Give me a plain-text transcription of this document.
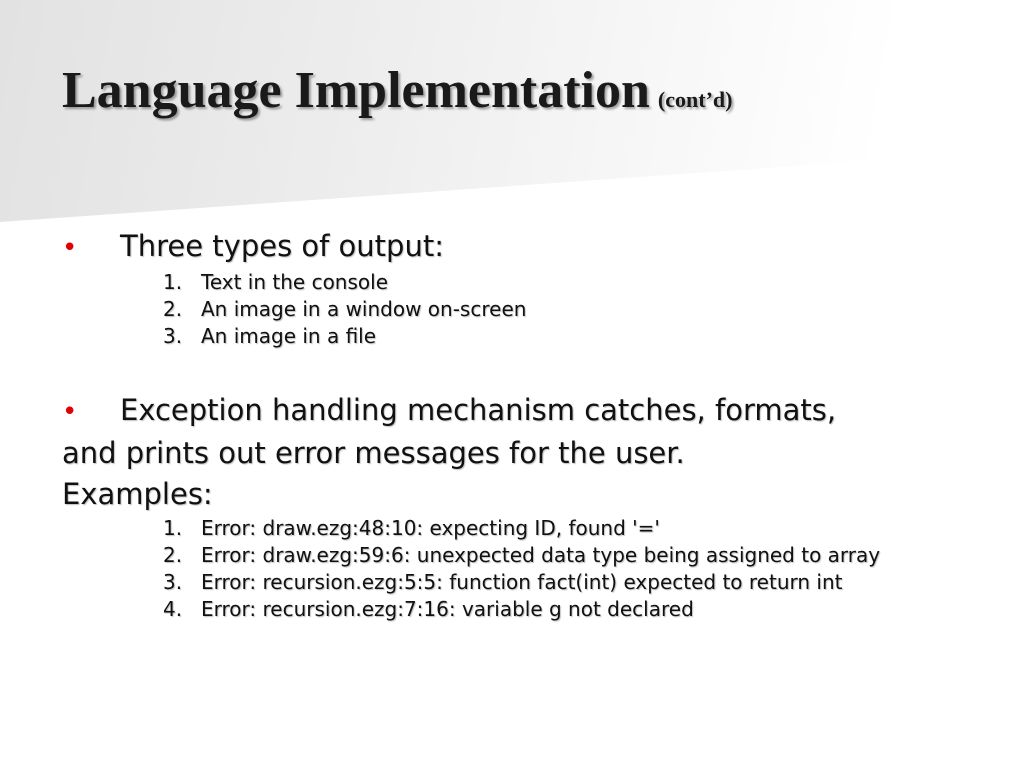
Language Implementation (cont’d)

• Three types of output:

1. Text in the console
2. An image in a window on-screen
3. An image in a file

• Exception handling mechanism catches, formats,

and prints out error messages for the user.

Examples:

1. Error: draw.ezg:48:10: expecting ID, found '='
2. Error: draw.ezg:59:6: unexpected data type being assigned to array
3. Error: recursion.ezg:5:5: function fact(int) expected to return int
4. Error: recursion.ezg:7:16: variable g not declared
